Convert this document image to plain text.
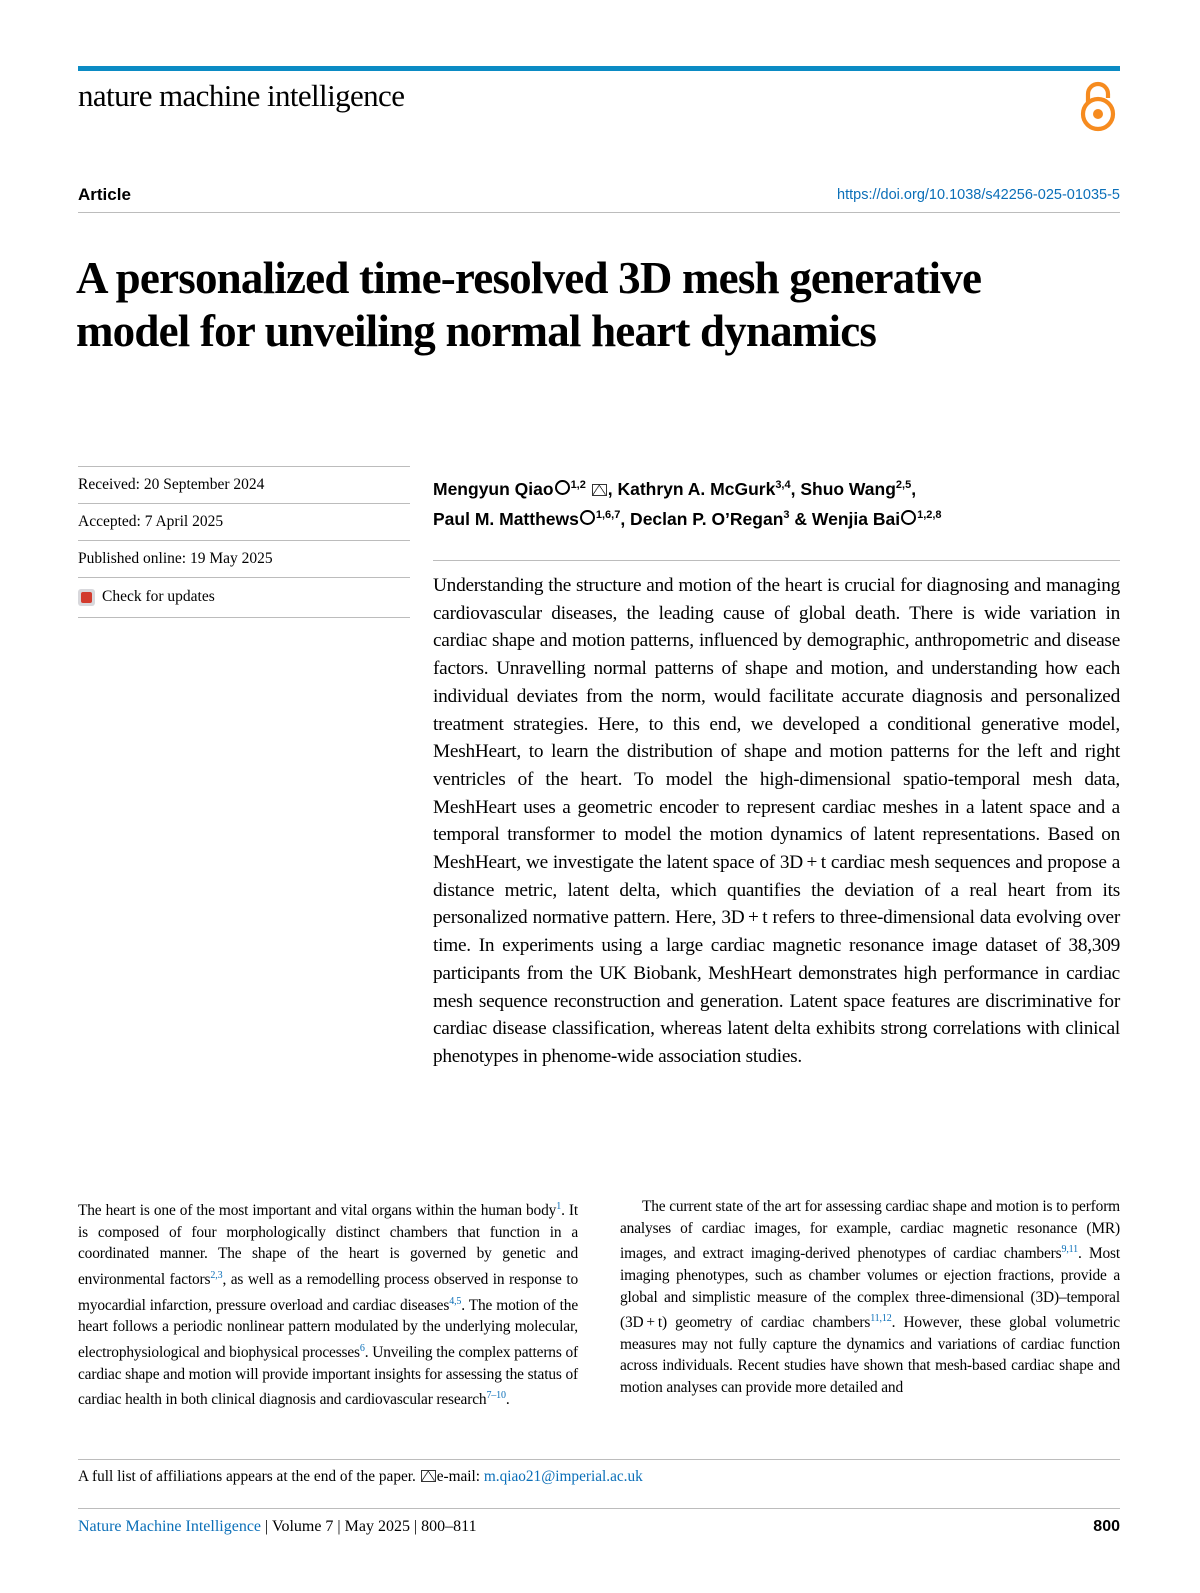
nature machine intelligence
Article	https://doi.org/10.1038/s42256-025-01035-5
A personalized time-resolved 3D mesh generative model for unveiling normal heart dynamics
Received: 20 September 2024
Accepted: 7 April 2025
Published online: 19 May 2025
Check for updates
Mengyun Qiao $^{1,2}$ , Kathryn A. McGurk$^{3,4}$, Shuo Wang$^{2,5}$,
Paul M. Matthews $^{1,6,7}$, Declan P. O’Regan$^3$ & Wenjia Bai $^{1,2,8}$
Understanding the structure and motion of the heart is crucial for diagnosing and managing cardiovascular diseases, the leading cause of global death. There is wide variation in cardiac shape and motion patterns, influenced by demographic, anthropometric and disease factors. Unravelling normal patterns of shape and motion, and understanding how each individual deviates from the norm, would facilitate accurate diagnosis and personalized treatment strategies. Here, to this end, we developed a conditional generative model, MeshHeart, to learn the distribution of shape and motion patterns for the left and right ventricles of the heart. To model the high-dimensional spatio-temporal mesh data, MeshHeart uses a geometric encoder to represent cardiac meshes in a latent space and a temporal transformer to model the motion dynamics of latent representations. Based on MeshHeart, we investigate the latent space of 3D + t cardiac mesh sequences and propose a distance metric, latent delta, which quantifies the deviation of a real heart from its personalized normative pattern. Here, 3D + t refers to three-dimensional data evolving over time. In experiments using a large cardiac magnetic resonance image dataset of 38,309 participants from the UK Biobank, MeshHeart demonstrates high performance in cardiac mesh sequence reconstruction and generation. Latent space features are discriminative for cardiac disease classification, whereas latent delta exhibits strong correlations with clinical phenotypes in phenome-wide association studies.

The heart is one of the most important and vital organs within the human body$^1$. It is composed of four morphologically distinct chambers that function in a coordinated manner. The shape of the heart is governed by genetic and environmental factors$^{2,3}$, as well as a remodelling process observed in response to myocardial infarction, pressure overload and cardiac diseases$^{4,5}$. The motion of the heart follows a periodic nonlinear pattern modulated by the underlying molecular, electrophysiological and biophysical processes$^6$. Unveiling the complex patterns of cardiac shape and motion will provide important insights for assessing the status of cardiac health in both clinical diagnosis and cardiovascular research$^{7-10}$.

The current state of the art for assessing cardiac shape and motion is to perform analyses of cardiac images, for example, cardiac magnetic resonance (MR) images, and extract imaging-derived phenotypes of cardiac chambers$^{9,11}$. Most imaging phenotypes, such as chamber volumes or ejection fractions, provide a global and simplistic measure of the complex three-dimensional (3D)–temporal (3D + t) geometry of cardiac chambers$^{11,12}$. However, these global volumetric measures may not fully capture the dynamics and variations of cardiac function across individuals. Recent studies have shown that mesh-based cardiac shape and motion analyses can provide more detailed and

A full list of affiliations appears at the end of the paper. e-mail: m.qiao21@imperial.ac.uk
Nature Machine Intelligence | Volume 7 | May 2025 | 800–811	800
